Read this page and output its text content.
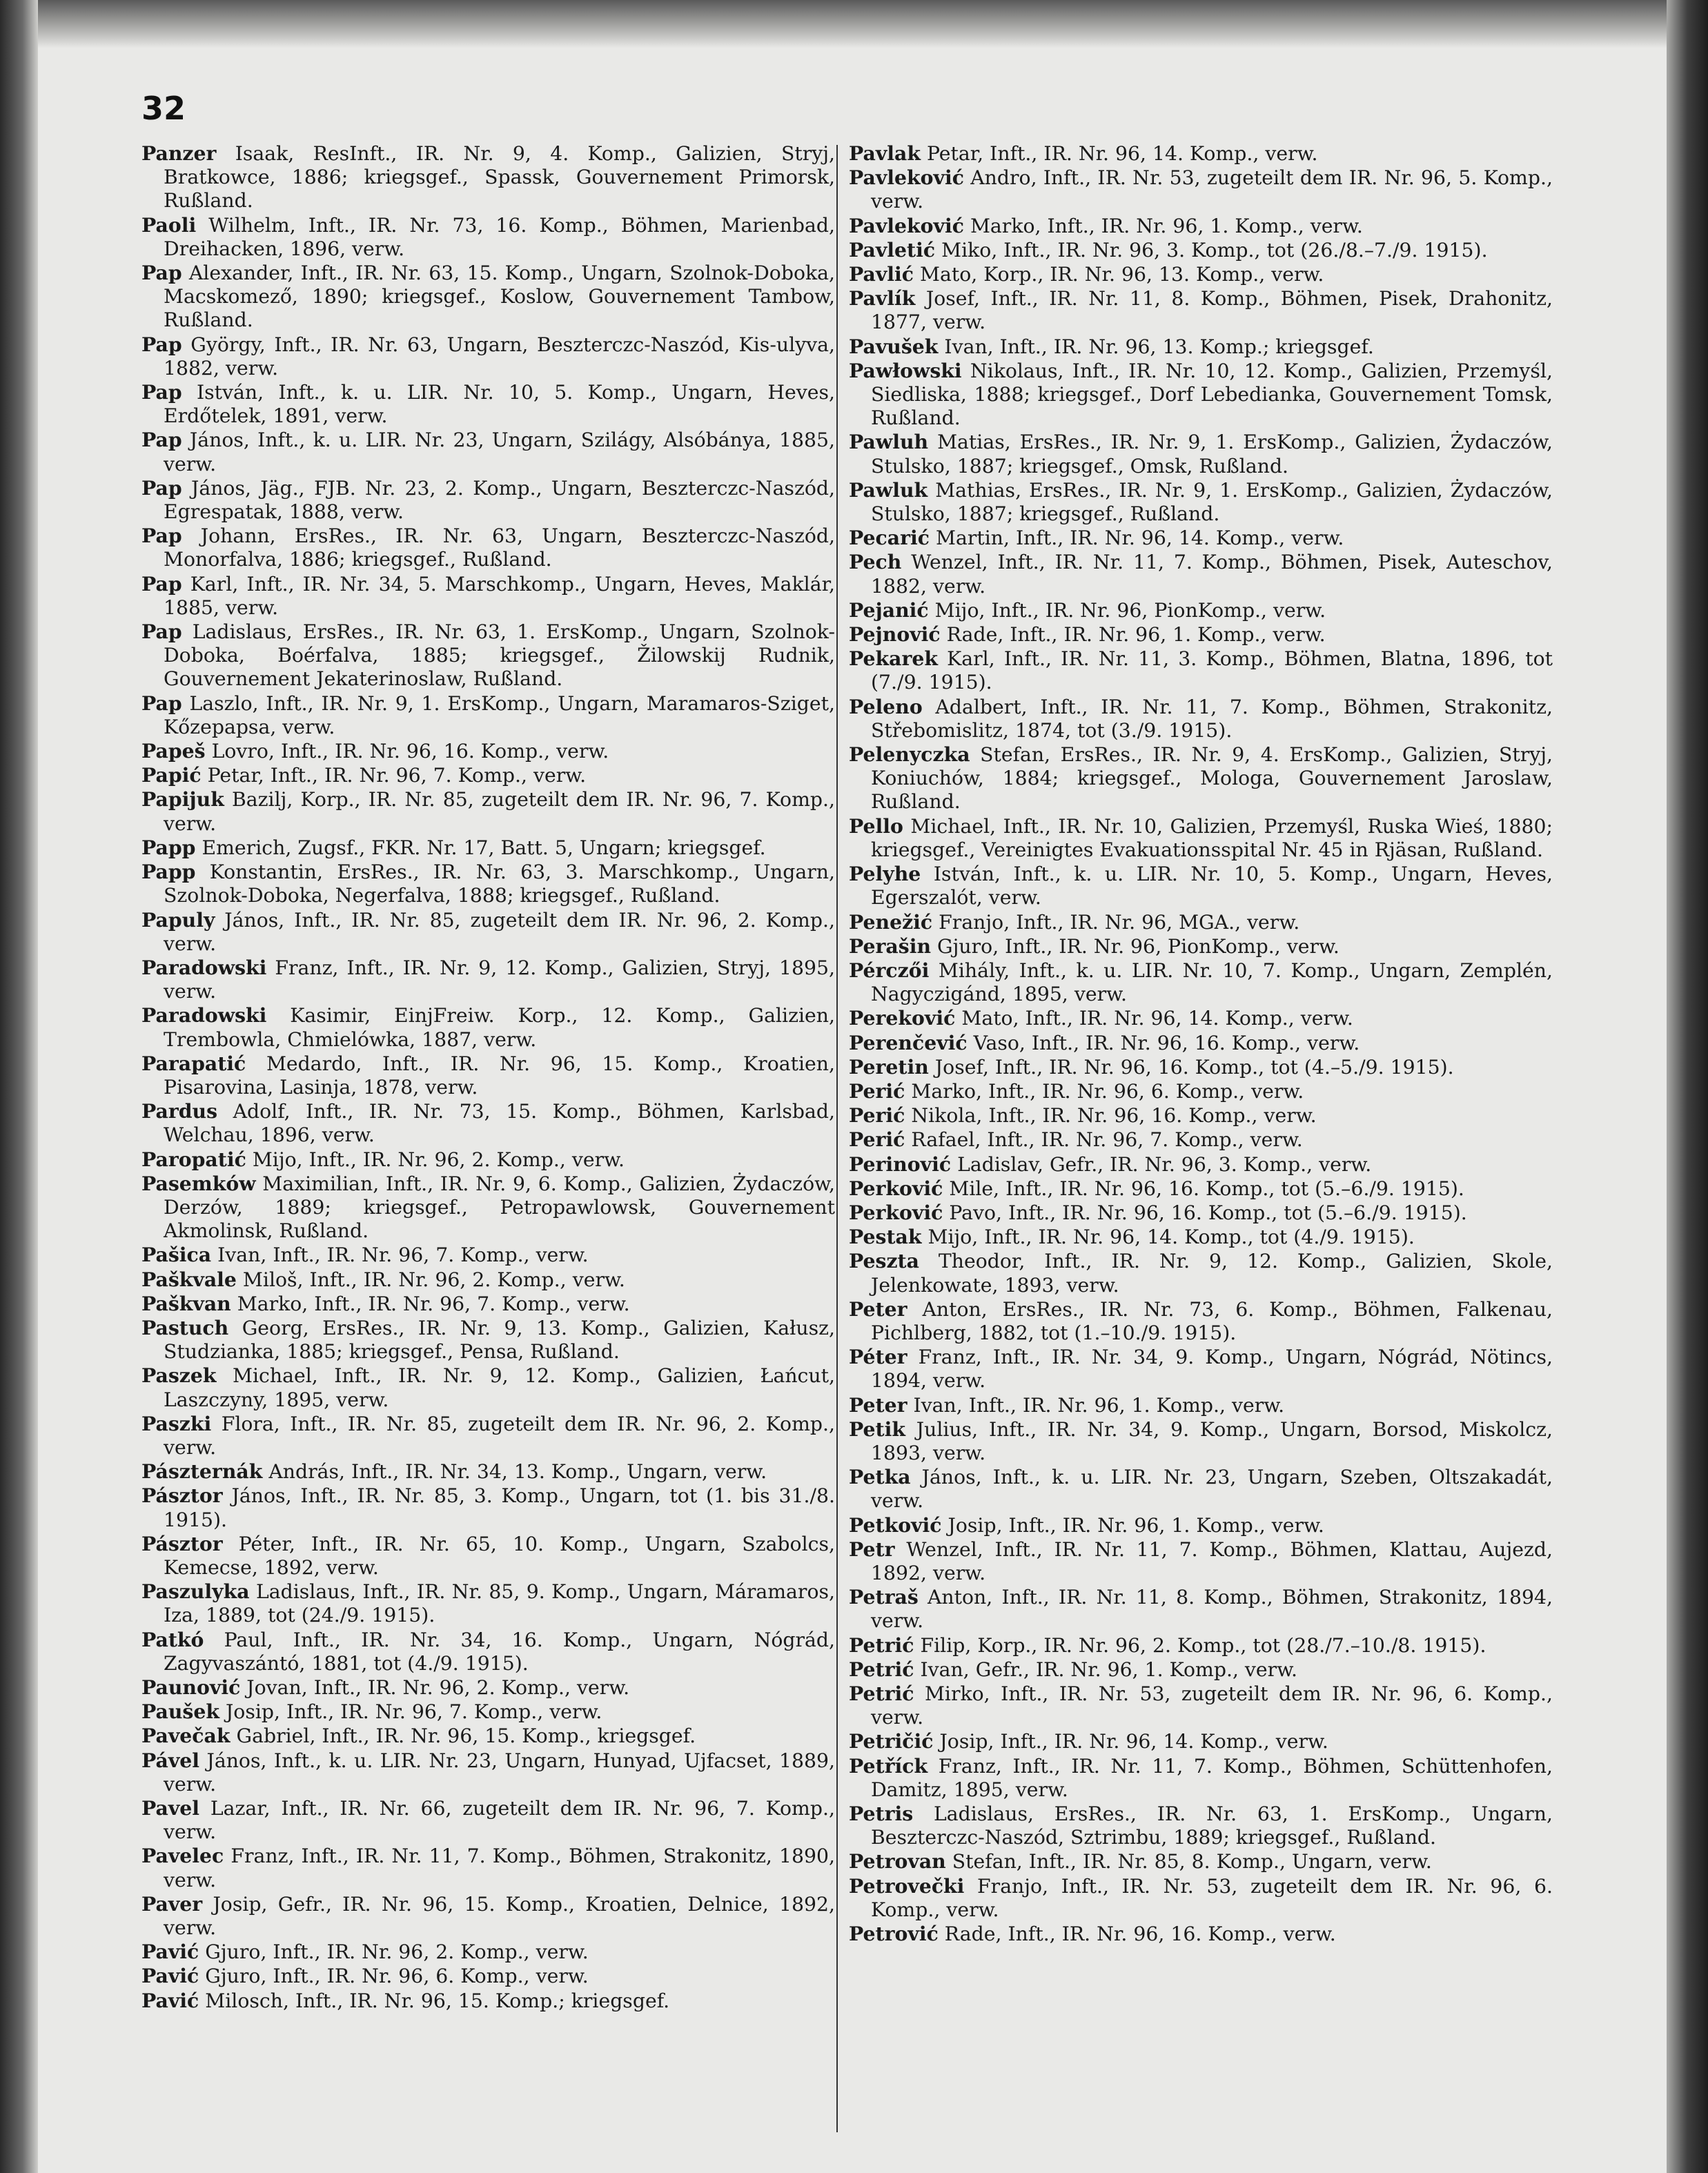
32

Panzer Isaak, ResInft., IR. Nr. 9, 4. Komp., Galizien, Stryj, Bratkowce, 1886; kriegsgef., Spassk, Gouvernement Primorsk, Rußland.

Paoli Wilhelm, Inft., IR. Nr. 73, 16. Komp., Böhmen, Marienbad, Dreihacken, 1896, verw.

Pap Alexander, Inft., IR. Nr. 63, 15. Komp., Ungarn, Szolnok-Doboka, Macskomező, 1890; kriegsgef., Koslow, Gouvernement Tambow, Rußland.

Pap György, Inft., IR. Nr. 63, Ungarn, Beszterczc-Naszód, Kis-ulyva, 1882, verw.

Pap István, Inft., k. u. LIR. Nr. 10, 5. Komp., Ungarn, Heves, Erdőtelek, 1891, verw.

Pap János, Inft., k. u. LIR. Nr. 23, Ungarn, Szilágy, Alsóbánya, 1885, verw.

Pap János, Jäg., FJB. Nr. 23, 2. Komp., Ungarn, Beszterczc-Naszód, Egrespatak, 1888, verw.

Pap Johann, ErsRes., IR. Nr. 63, Ungarn, Beszterczc-Naszód, Monorfalva, 1886; kriegsgef., Rußland.

Pap Karl, Inft., IR. Nr. 34, 5. Marschkomp., Ungarn, Heves, Maklár, 1885, verw.

Pap Ladislaus, ErsRes., IR. Nr. 63, 1. ErsKomp., Ungarn, Szolnok-Doboka, Boérfalva, 1885; kriegsgef., Žilowskij Rudnik, Gouvernement Jekaterinoslaw, Rußland.

Pap Laszlo, Inft., IR. Nr. 9, 1. ErsKomp., Ungarn, Maramaros-Sziget, Kőzepapsa, verw.

Papeš Lovro, Inft., IR. Nr. 96, 16. Komp., verw.

Papić Petar, Inft., IR. Nr. 96, 7. Komp., verw.

Papijuk Bazilj, Korp., IR. Nr. 85, zugeteilt dem IR. Nr. 96, 7. Komp., verw.

Papp Emerich, Zugsf., FKR. Nr. 17, Batt. 5, Ungarn; kriegsgef.

Papp Konstantin, ErsRes., IR. Nr. 63, 3. Marschkomp., Ungarn, Szolnok-Doboka, Negerfalva, 1888; kriegsgef., Rußland.

Papuly János, Inft., IR. Nr. 85, zugeteilt dem IR. Nr. 96, 2. Komp., verw.

Paradowski Franz, Inft., IR. Nr. 9, 12. Komp., Galizien, Stryj, 1895, verw.

Paradowski Kasimir, EinjFreiw. Korp., 12. Komp., Galizien, Trembowla, Chmielówka, 1887, verw.

Parapatić Medardo, Inft., IR. Nr. 96, 15. Komp., Kroatien, Pisarovina, Lasinja, 1878, verw.

Pardus Adolf, Inft., IR. Nr. 73, 15. Komp., Böhmen, Karlsbad, Welchau, 1896, verw.

Paropatić Mijo, Inft., IR. Nr. 96, 2. Komp., verw.

Pasemków Maximilian, Inft., IR. Nr. 9, 6. Komp., Galizien, Żydaczów, Derzów, 1889; kriegsgef., Petropawlowsk, Gouvernement Akmolinsk, Rußland.

Pašica Ivan, Inft., IR. Nr. 96, 7. Komp., verw.

Paškvale Miloš, Inft., IR. Nr. 96, 2. Komp., verw.

Paškvan Marko, Inft., IR. Nr. 96, 7. Komp., verw.

Pastuch Georg, ErsRes., IR. Nr. 9, 13. Komp., Galizien, Kałusz, Studzianka, 1885; kriegsgef., Pensa, Rußland.

Paszek Michael, Inft., IR. Nr. 9, 12. Komp., Galizien, Łańcut, Laszczyny, 1895, verw.

Paszki Flora, Inft., IR. Nr. 85, zugeteilt dem IR. Nr. 96, 2. Komp., verw.

Pászternák András, Inft., IR. Nr. 34, 13. Komp., Ungarn, verw.

Pásztor János, Inft., IR. Nr. 85, 3. Komp., Ungarn, tot (1. bis 31./8. 1915).

Pásztor Péter, Inft., IR. Nr. 65, 10. Komp., Ungarn, Szabolcs, Kemecse, 1892, verw.

Paszulyka Ladislaus, Inft., IR. Nr. 85, 9. Komp., Ungarn, Máramaros, Iza, 1889, tot (24./9. 1915).

Patkó Paul, Inft., IR. Nr. 34, 16. Komp., Ungarn, Nógrád, Zagyvaszántó, 1881, tot (4./9. 1915).

Paunović Jovan, Inft., IR. Nr. 96, 2. Komp., verw.

Paušek Josip, Inft., IR. Nr. 96, 7. Komp., verw.

Pavečak Gabriel, Inft., IR. Nr. 96, 15. Komp., kriegsgef.

Pável János, Inft., k. u. LIR. Nr. 23, Ungarn, Hunyad, Ujfacset, 1889, verw.

Pavel Lazar, Inft., IR. Nr. 66, zugeteilt dem IR. Nr. 96, 7. Komp., verw.

Pavelec Franz, Inft., IR. Nr. 11, 7. Komp., Böhmen, Strakonitz, 1890, verw.

Paver Josip, Gefr., IR. Nr. 96, 15. Komp., Kroatien, Delnice, 1892, verw.

Pavić Gjuro, Inft., IR. Nr. 96, 2. Komp., verw.

Pavić Gjuro, Inft., IR. Nr. 96, 6. Komp., verw.

Pavić Milosch, Inft., IR. Nr. 96, 15. Komp.; kriegsgef.

Pavlak Petar, Inft., IR. Nr. 96, 14. Komp., verw.

Pavleković Andro, Inft., IR. Nr. 53, zugeteilt dem IR. Nr. 96, 5. Komp., verw.

Pavleković Marko, Inft., IR. Nr. 96, 1. Komp., verw.

Pavletić Miko, Inft., IR. Nr. 96, 3. Komp., tot (26./8.–7./9. 1915).

Pavlić Mato, Korp., IR. Nr. 96, 13. Komp., verw.

Pavlík Josef, Inft., IR. Nr. 11, 8. Komp., Böhmen, Pisek, Drahonitz, 1877, verw.

Pavušek Ivan, Inft., IR. Nr. 96, 13. Komp.; kriegsgef.

Pawłowski Nikolaus, Inft., IR. Nr. 10, 12. Komp., Galizien, Przemyśl, Siedliska, 1888; kriegsgef., Dorf Lebedianka, Gouvernement Tomsk, Rußland.

Pawluh Matias, ErsRes., IR. Nr. 9, 1. ErsKomp., Galizien, Żydaczów, Stulsko, 1887; kriegsgef., Omsk, Rußland.

Pawluk Mathias, ErsRes., IR. Nr. 9, 1. ErsKomp., Galizien, Żydaczów, Stulsko, 1887; kriegsgef., Rußland.

Pecarić Martin, Inft., IR. Nr. 96, 14. Komp., verw.

Pech Wenzel, Inft., IR. Nr. 11, 7. Komp., Böhmen, Pisek, Auteschov, 1882, verw.

Pejanić Mijo, Inft., IR. Nr. 96, PionKomp., verw.

Pejnović Rade, Inft., IR. Nr. 96, 1. Komp., verw.

Pekarek Karl, Inft., IR. Nr. 11, 3. Komp., Böhmen, Blatna, 1896, tot (7./9. 1915).

Peleno Adalbert, Inft., IR. Nr. 11, 7. Komp., Böhmen, Strakonitz, Střebomislitz, 1874, tot (3./9. 1915).

Pelenyczka Stefan, ErsRes., IR. Nr. 9, 4. ErsKomp., Galizien, Stryj, Koniuchów, 1884; kriegsgef., Mologa, Gouvernement Jaroslaw, Rußland.

Pello Michael, Inft., IR. Nr. 10, Galizien, Przemyśl, Ruska Wieś, 1880; kriegsgef., Vereinigtes Evakuationsspital Nr. 45 in Rjäsan, Rußland.

Pelyhe István, Inft., k. u. LIR. Nr. 10, 5. Komp., Ungarn, Heves, Egerszalót, verw.

Penežić Franjo, Inft., IR. Nr. 96, MGA., verw.

Perašin Gjuro, Inft., IR. Nr. 96, PionKomp., verw.

Pérczői Mihály, Inft., k. u. LIR. Nr. 10, 7. Komp., Ungarn, Zemplén, Nagyczigánd, 1895, verw.

Pereković Mato, Inft., IR. Nr. 96, 14. Komp., verw.

Perenčević Vaso, Inft., IR. Nr. 96, 16. Komp., verw.

Peretin Josef, Inft., IR. Nr. 96, 16. Komp., tot (4.–5./9. 1915).

Perić Marko, Inft., IR. Nr. 96, 6. Komp., verw.

Perić Nikola, Inft., IR. Nr. 96, 16. Komp., verw.

Perić Rafael, Inft., IR. Nr. 96, 7. Komp., verw.

Perinović Ladislav, Gefr., IR. Nr. 96, 3. Komp., verw.

Perković Mile, Inft., IR. Nr. 96, 16. Komp., tot (5.–6./9. 1915).

Perković Pavo, Inft., IR. Nr. 96, 16. Komp., tot (5.–6./9. 1915).

Pestak Mijo, Inft., IR. Nr. 96, 14. Komp., tot (4./9. 1915).

Peszta Theodor, Inft., IR. Nr. 9, 12. Komp., Galizien, Skole, Jelenkowate, 1893, verw.

Peter Anton, ErsRes., IR. Nr. 73, 6. Komp., Böhmen, Falkenau, Pichlberg, 1882, tot (1.–10./9. 1915).

Péter Franz, Inft., IR. Nr. 34, 9. Komp., Ungarn, Nógrád, Nötincs, 1894, verw.

Peter Ivan, Inft., IR. Nr. 96, 1. Komp., verw.

Petik Julius, Inft., IR. Nr. 34, 9. Komp., Ungarn, Borsod, Miskolcz, 1893, verw.

Petka János, Inft., k. u. LIR. Nr. 23, Ungarn, Szeben, Oltszakadát, verw.

Petković Josip, Inft., IR. Nr. 96, 1. Komp., verw.

Petr Wenzel, Inft., IR. Nr. 11, 7. Komp., Böhmen, Klattau, Aujezd, 1892, verw.

Petraš Anton, Inft., IR. Nr. 11, 8. Komp., Böhmen, Strakonitz, 1894, verw.

Petrić Filip, Korp., IR. Nr. 96, 2. Komp., tot (28./7.–10./8. 1915).

Petrić Ivan, Gefr., IR. Nr. 96, 1. Komp., verw.

Petrić Mirko, Inft., IR. Nr. 53, zugeteilt dem IR. Nr. 96, 6. Komp., verw.

Petričić Josip, Inft., IR. Nr. 96, 14. Komp., verw.

Petříck Franz, Inft., IR. Nr. 11, 7. Komp., Böhmen, Schüttenhofen, Damitz, 1895, verw.

Petris Ladislaus, ErsRes., IR. Nr. 63, 1. ErsKomp., Ungarn, Beszterczc-Naszód, Sztrimbu, 1889; kriegsgef., Rußland.

Petrovan Stefan, Inft., IR. Nr. 85, 8. Komp., Ungarn, verw.

Petrovečki Franjo, Inft., IR. Nr. 53, zugeteilt dem IR. Nr. 96, 6. Komp., verw.

Petrović Rade, Inft., IR. Nr. 96, 16. Komp., verw.
